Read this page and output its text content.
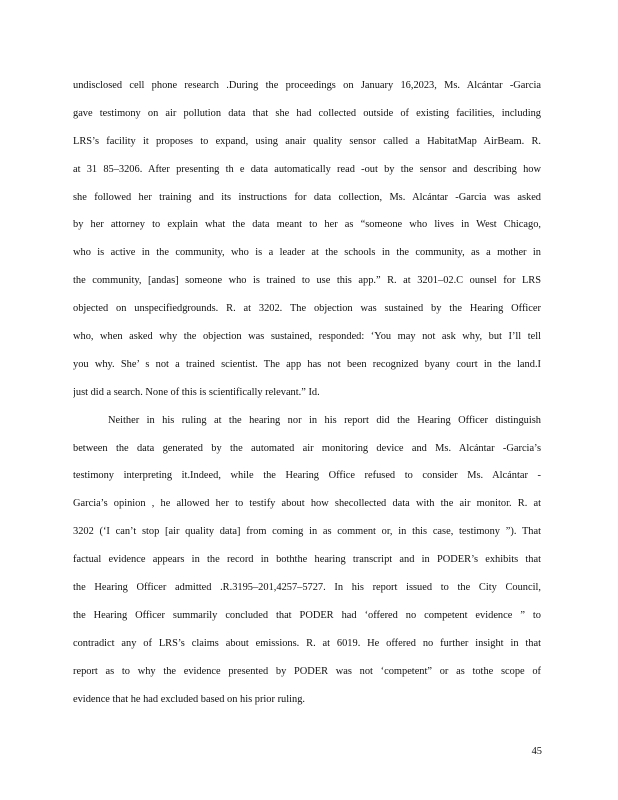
undisclosed cell phone research .During the proceedings on January 16,2023, Ms. Alcántar -Garcia
gave testimony on air pollution data that she had collected outside of existing facilities, including
LRS’s facility it proposes to expand, using anair quality sensor called a HabitatMap AirBeam. R.
at 31 85–3206. After presenting th e data automatically read -out by the sensor and describing how
she followed her training and its instructions for data collection, Ms. Alcántar -Garcia was asked
by her attorney to explain what the data meant to her as “someone who lives in West Chicago,
who is active in the community, who is a leader at the schools in the community, as a mother in
the community, [andas] someone who is trained to use this app.” R. at 3201–02.C ounsel for LRS
objected on unspecifiedgrounds. R. at 3202. The objection was sustained by the Hearing Officer
who, when asked why the objection was sustained, responded: ‘You may not ask why, but I’ll tell
you why. She’ s not a trained scientist. The app has not been recognized byany court in the land.I
just did a search. None of this is scientifically relevant.” Id.
Neither in his ruling at the hearing nor in his report did the Hearing Officer distinguish
between the data generated by the automated air monitoring device and Ms. Alcántar -Garcia’s
testimony interpreting it.Indeed, while the Hearing Office refused to consider Ms. Alcántar -
Garcia’s opinion , he allowed her to testify about how shecollected data with the air monitor. R. at
3202 (‘I can’t stop [air quality data] from coming in as comment or, in this case, testimony ”). That
factual evidence appears in the record in boththe hearing transcript and in PODER’s exhibits that
the Hearing Officer admitted .R.3195–201,4257–5727. In his report issued to the City Council,
the Hearing Officer summarily concluded that PODER had ‘offered no competent evidence ” to
contradict any of LRS’s claims about emissions. R. at 6019. He offered no further insight in that
report as to why the evidence presented by PODER was not ‘competent” or as tothe scope of
evidence that he had excluded based on his prior ruling.
45
